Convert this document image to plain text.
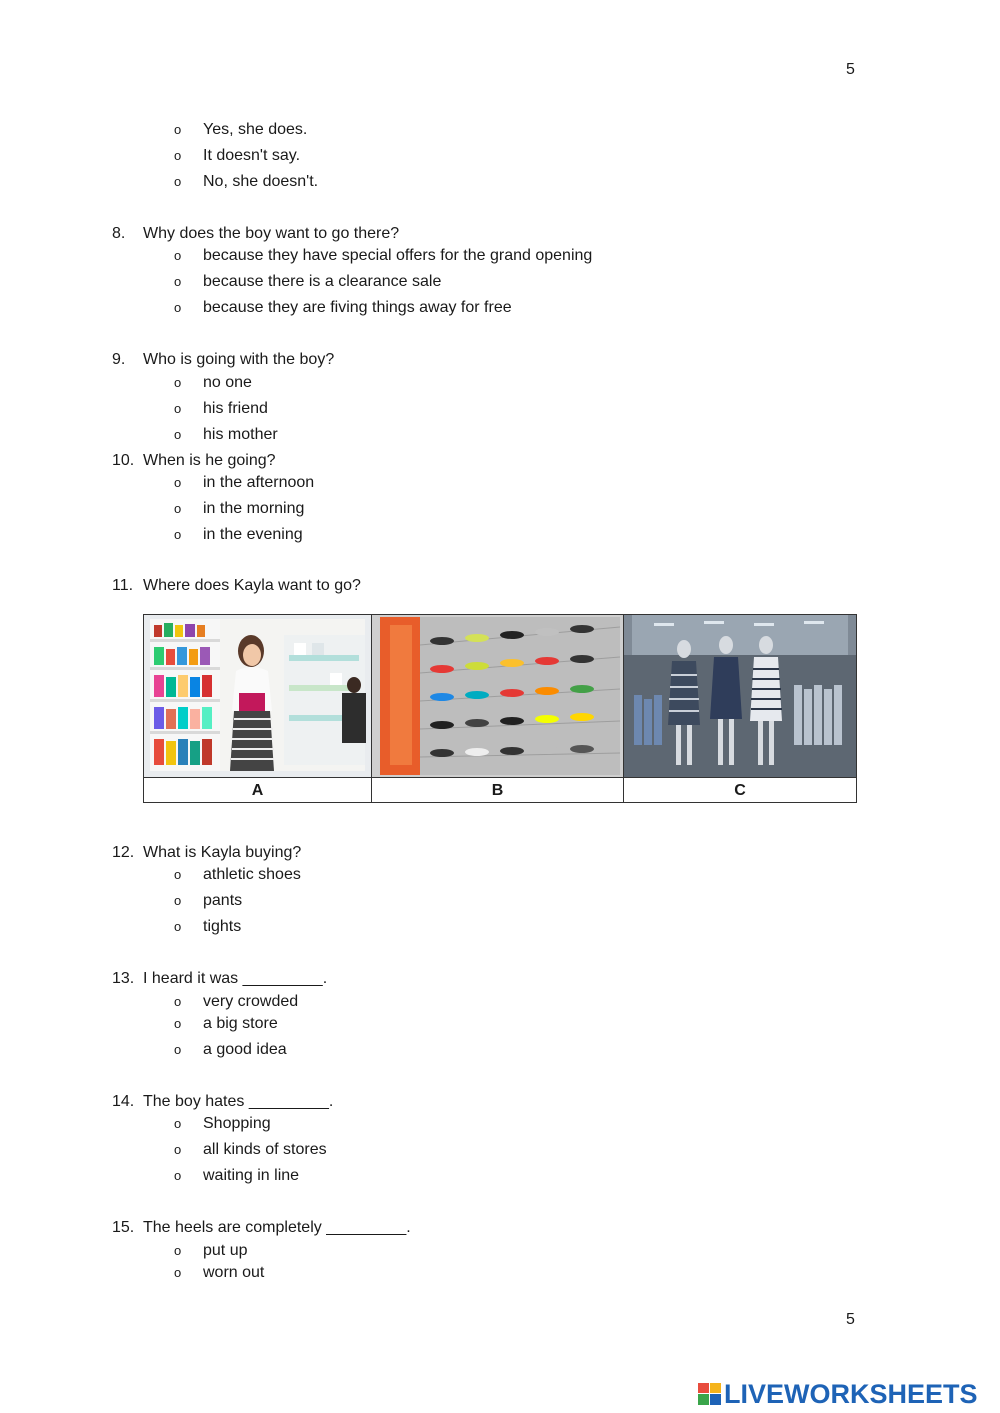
5
5
o Yes, she does.
o It doesn't say.
o No, she doesn't.
8. Why does the boy want to go there?
o because they have special offers for the grand opening
o because there is a clearance sale
o because they are fiving things away for free
9. Who is going with the boy?
o no one
o his friend
o his mother
10. When is he going?
o in the afternoon
o in the morning
o in the evening
11. Where does Kayla want to go?
A	B	C
12. What is Kayla buying?
o athletic shoes
o pants
o tights
13. I heard it was _________.
o very crowded
o a big store
o a good idea
14. The boy hates _________.
o Shopping
o all kinds of stores
o waiting in line
15. The heels are completely _________.
o put up
o worn out
LIVEWORKSHEETS
